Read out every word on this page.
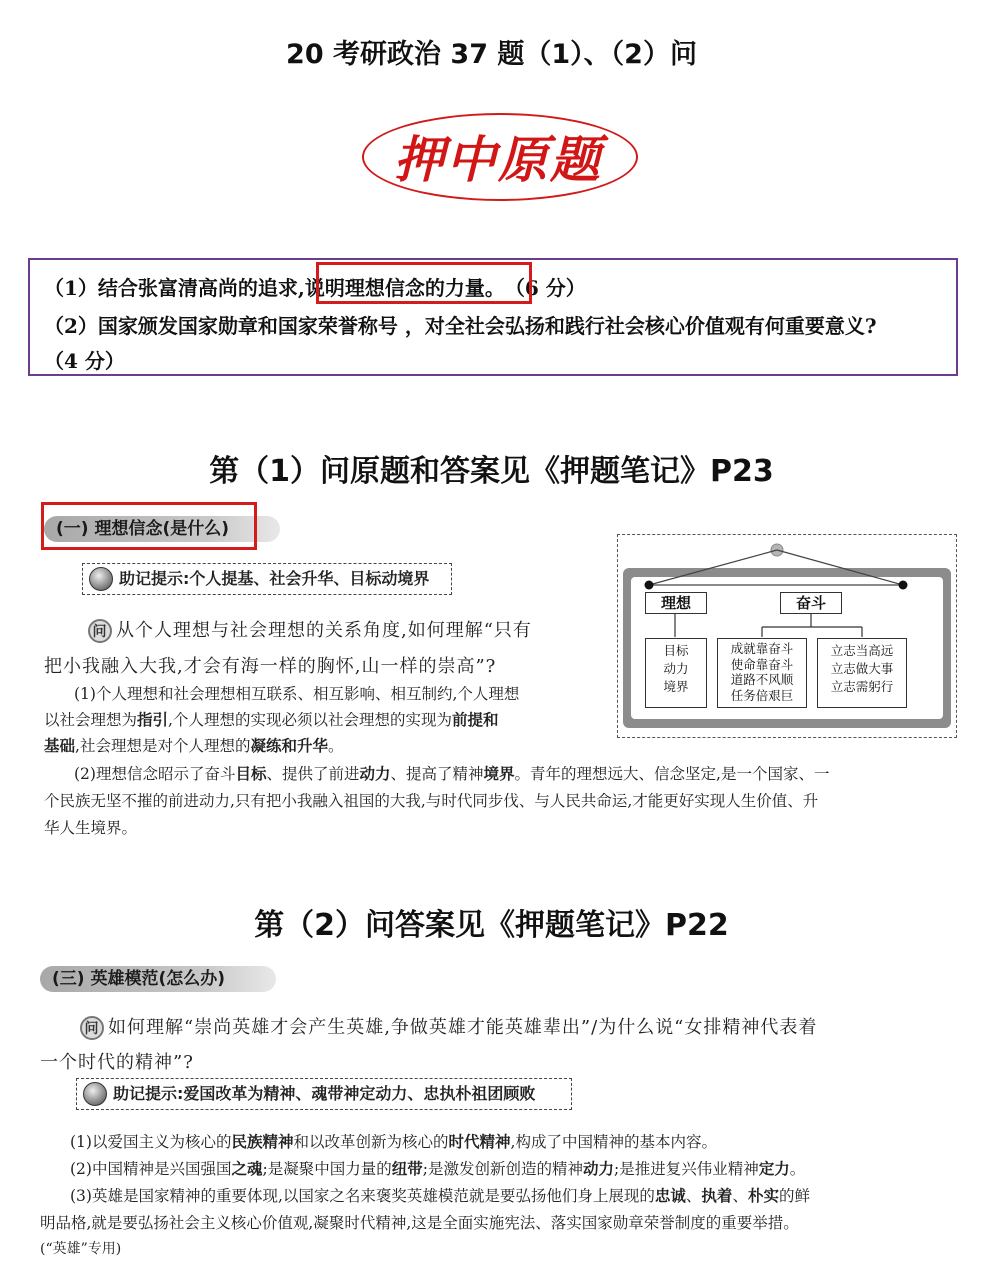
20 考研政治 37 题（1）、（2）问
押中原题
（1）结合张富清高尚的追求,说明理想信念的力量。 （6 分）
（2）国家颁发国家勋章和国家荣誉称号 ，对全社会弘扬和践行社会核心价值观有何重要意义?
（4 分）
第（1）问原题和答案见《押题笔记》P23
(一) 理想信念(是什么)
助记提示:个人提基、社会升华、目标动境界
问 从个人理想与社会理想的关系角度,如何理解“只有
把小我融入大我,才会有海一样的胸怀,山一样的崇高”?
(1)个人理想和社会理想相互联系、相互影响、相互制约,个人理想
以社会理想为指引,个人理想的实现必须以社会理想的实现为前提和
基础,社会理想是对个人理想的凝练和升华。
(2)理想信念昭示了奋斗目标、提供了前进动力、提高了精神境界。青年的理想远大、信念坚定,是一个国家、一
个民族无坚不摧的前进动力,只有把小我融入祖国的大我,与时代同步伐、与人民共命运,才能更好实现人生价值、升
华人生境界。
理想	奋斗
目标
动力
境界
成就靠奋斗
使命靠奋斗
道路不风顺
任务倍艰巨
立志当高远
立志做大事
立志需躬行
第（2）问答案见《押题笔记》P22
(三) 英雄模范(怎么办)
问 如何理解“崇尚英雄才会产生英雄,争做英雄才能英雄辈出”/为什么说“女排精神代表着
一个时代的精神”?
助记提示:爱国改革为精神、魂带神定动力、忠执朴祖团顾败
(1)以爱国主义为核心的民族精神和以改革创新为核心的时代精神,构成了中国精神的基本内容。
(2)中国精神是兴国强国之魂;是凝聚中国力量的纽带;是激发创新创造的精神动力;是推进复兴伟业精神定力。
(3)英雄是国家精神的重要体现,以国家之名来褒奖英雄模范就是要弘扬他们身上展现的忠诚、执着、朴实的鲜
明品格,就是要弘扬社会主义核心价值观,凝聚时代精神,这是全面实施宪法、落实国家勋章荣誉制度的重要举措。
(“英雄”专用)
